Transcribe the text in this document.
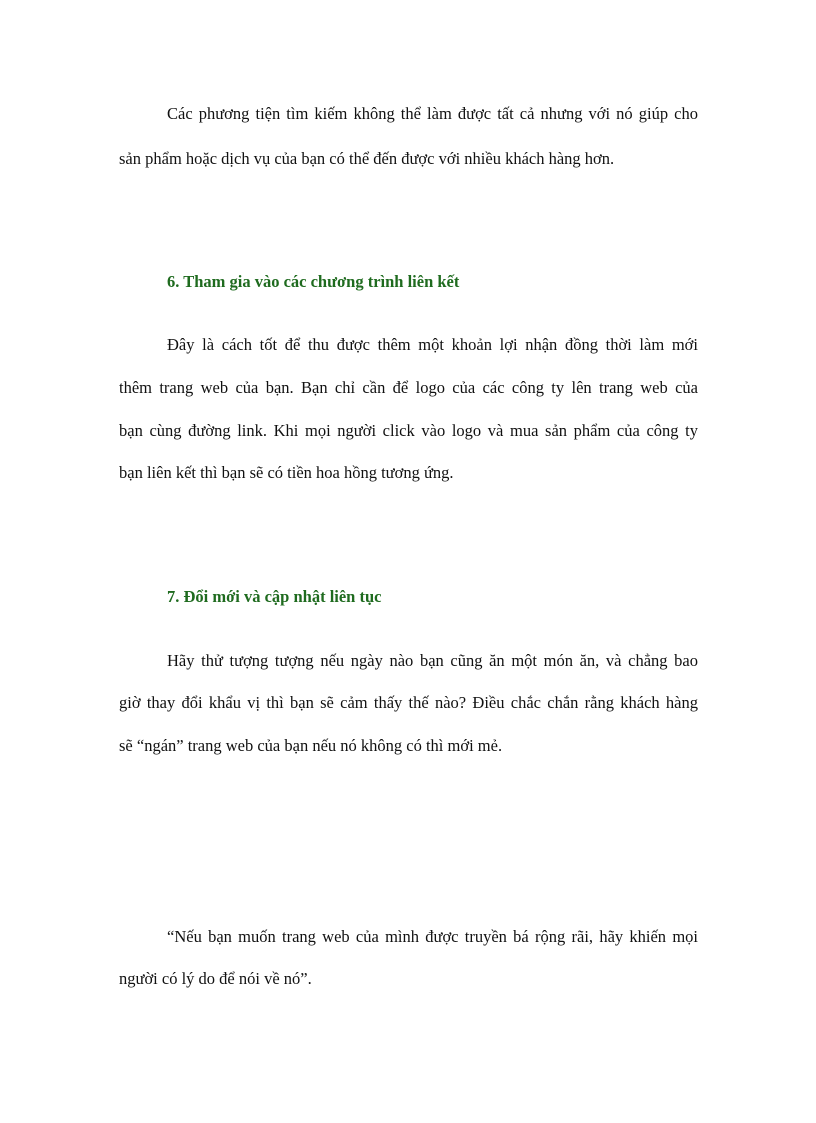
Các phương tiện tìm kiếm không thể làm được tất cả nhưng với nó giúp cho

sản phẩm hoặc dịch vụ của bạn có thể đến được với nhiều khách hàng hơn.

6. Tham gia vào các chương trình liên kết

Đây là cách tốt để thu được thêm một khoản lợi nhận đồng thời làm mới

thêm trang web của bạn. Bạn chỉ cần để logo của các công ty lên trang web của

bạn cùng đường link. Khi mọi người click vào logo và mua sản phẩm của công ty

bạn liên kết thì bạn sẽ có tiền hoa hồng tương ứng.

7. Đổi mới và cập nhật liên tục

Hãy thử tượng tượng nếu ngày nào bạn cũng ăn một món ăn, và chẳng bao

giờ thay đổi khẩu vị thì bạn sẽ cảm thấy thế nào? Điều chắc chắn rằng khách hàng

sẽ “ngán” trang web của bạn nếu nó không có thì mới mẻ.

“Nếu bạn muốn trang web của mình được truyền bá rộng rãi, hãy khiến mọi

người có lý do để nói về nó”.
